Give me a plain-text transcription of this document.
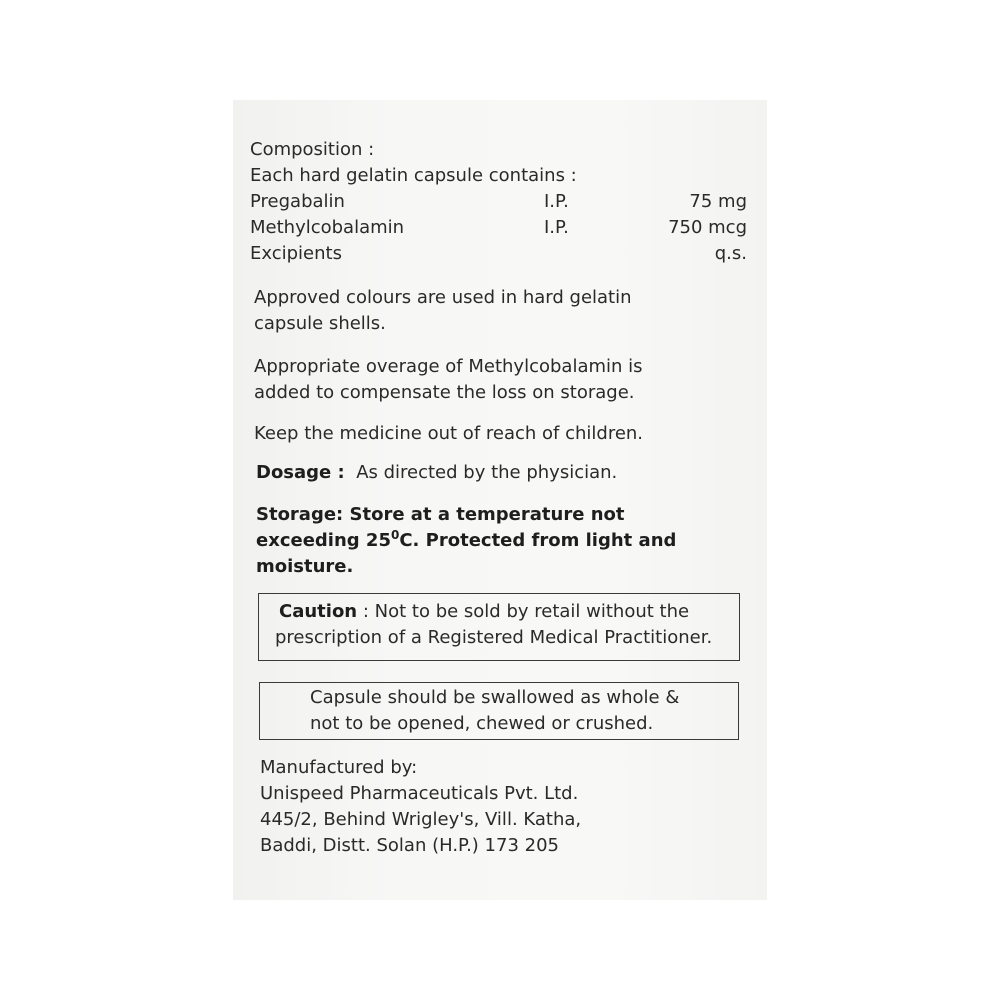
Composition :
Each hard gelatin capsule contains :
Pregabalin	I.P.	75 mg
Methylcobalamin	I.P.	750 mcg
Excipients	q.s.
Approved colours are used in hard gelatin
capsule shells.
Appropriate overage of Methylcobalamin is
added to compensate the loss on storage.
Keep the medicine out of reach of children.
Dosage : As directed by the physician.
Storage: Store at a temperature not
exceeding $25^0C$. Protected from light and
moisture.
Caution : Not to be sold by retail without the
prescription of a Registered Medical Practitioner.
Capsule should be swallowed as whole &
not to be opened, chewed or crushed.
Manufactured by:
Unispeed Pharmaceuticals Pvt. Ltd.
445/2, Behind Wrigley's, Vill. Katha,
Baddi, Distt. Solan (H.P.) 173 205
